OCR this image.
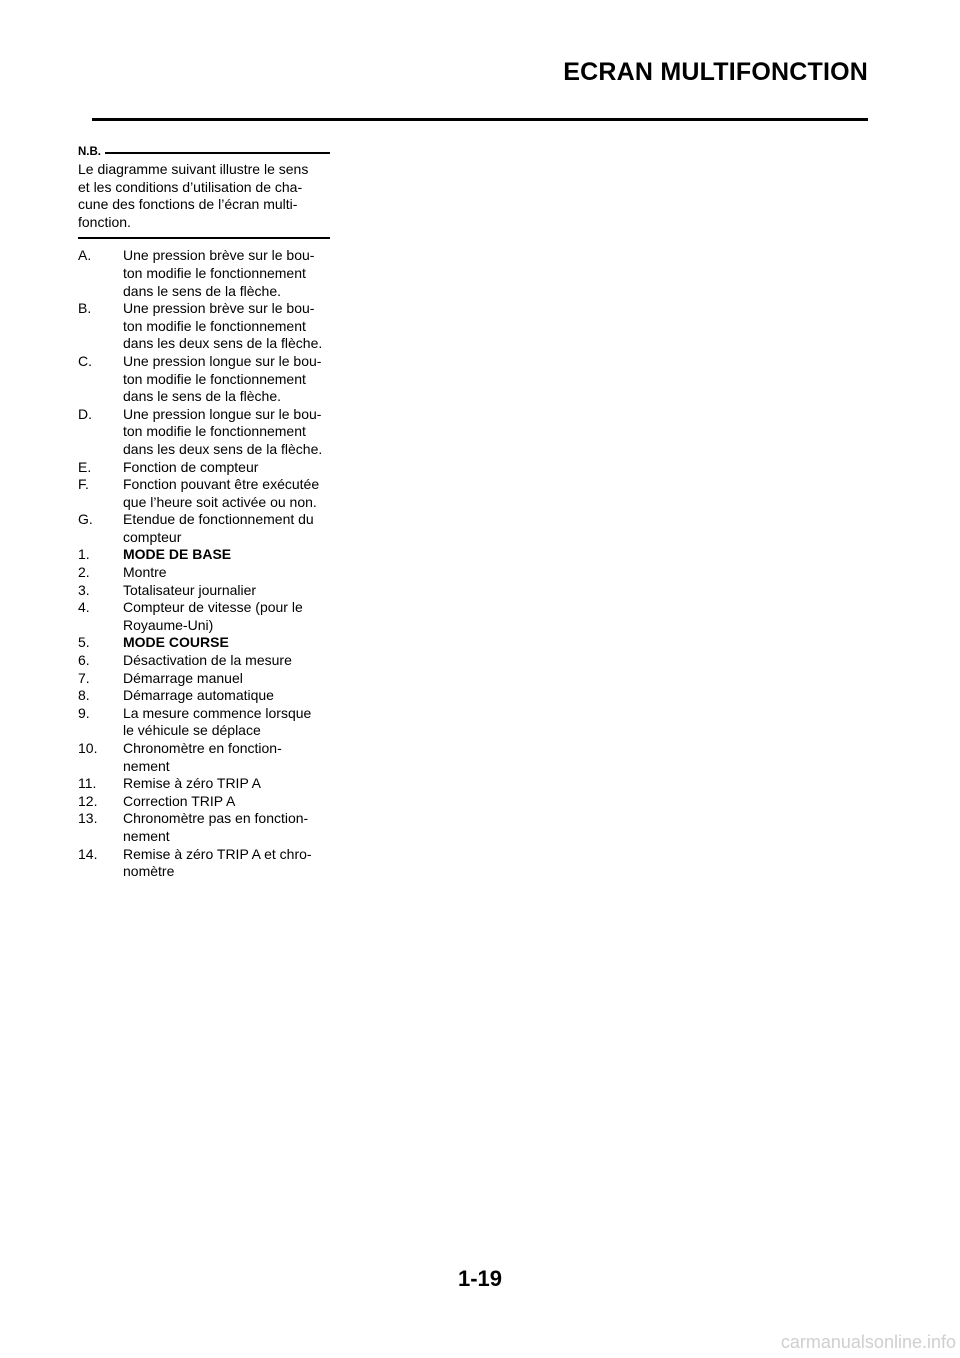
ECRAN MULTIFONCTION
N.B.
Le diagramme suivant illustre le sens
et les conditions d’utilisation de cha-
cune des fonctions de l’écran multi-
fonction.
A.	Une pression brève sur le bou-
ton modifie le fonctionnement
dans le sens de la flèche.
B.	Une pression brève sur le bou-
ton modifie le fonctionnement
dans les deux sens de la flèche.
C.	Une pression longue sur le bou-
ton modifie le fonctionnement
dans le sens de la flèche.
D.	Une pression longue sur le bou-
ton modifie le fonctionnement
dans les deux sens de la flèche.
E.	Fonction de compteur
F.	Fonction pouvant être exécutée
que l’heure soit activée ou non.
G.	Etendue de fonctionnement du
compteur
1.	MODE DE BASE
2.	Montre
3.	Totalisateur journalier
4.	Compteur de vitesse (pour le
Royaume-Uni)
5.	MODE COURSE
6.	Désactivation de la mesure
7.	Démarrage manuel
8.	Démarrage automatique
9.	La mesure commence lorsque
le véhicule se déplace
10.	Chronomètre en fonction-
nement
11.	Remise à zéro TRIP A
12.	Correction TRIP A
13.	Chronomètre pas en fonction-
nement
14.	Remise à zéro TRIP A et chro-
nomètre
1-19
carmanualsonline.info
